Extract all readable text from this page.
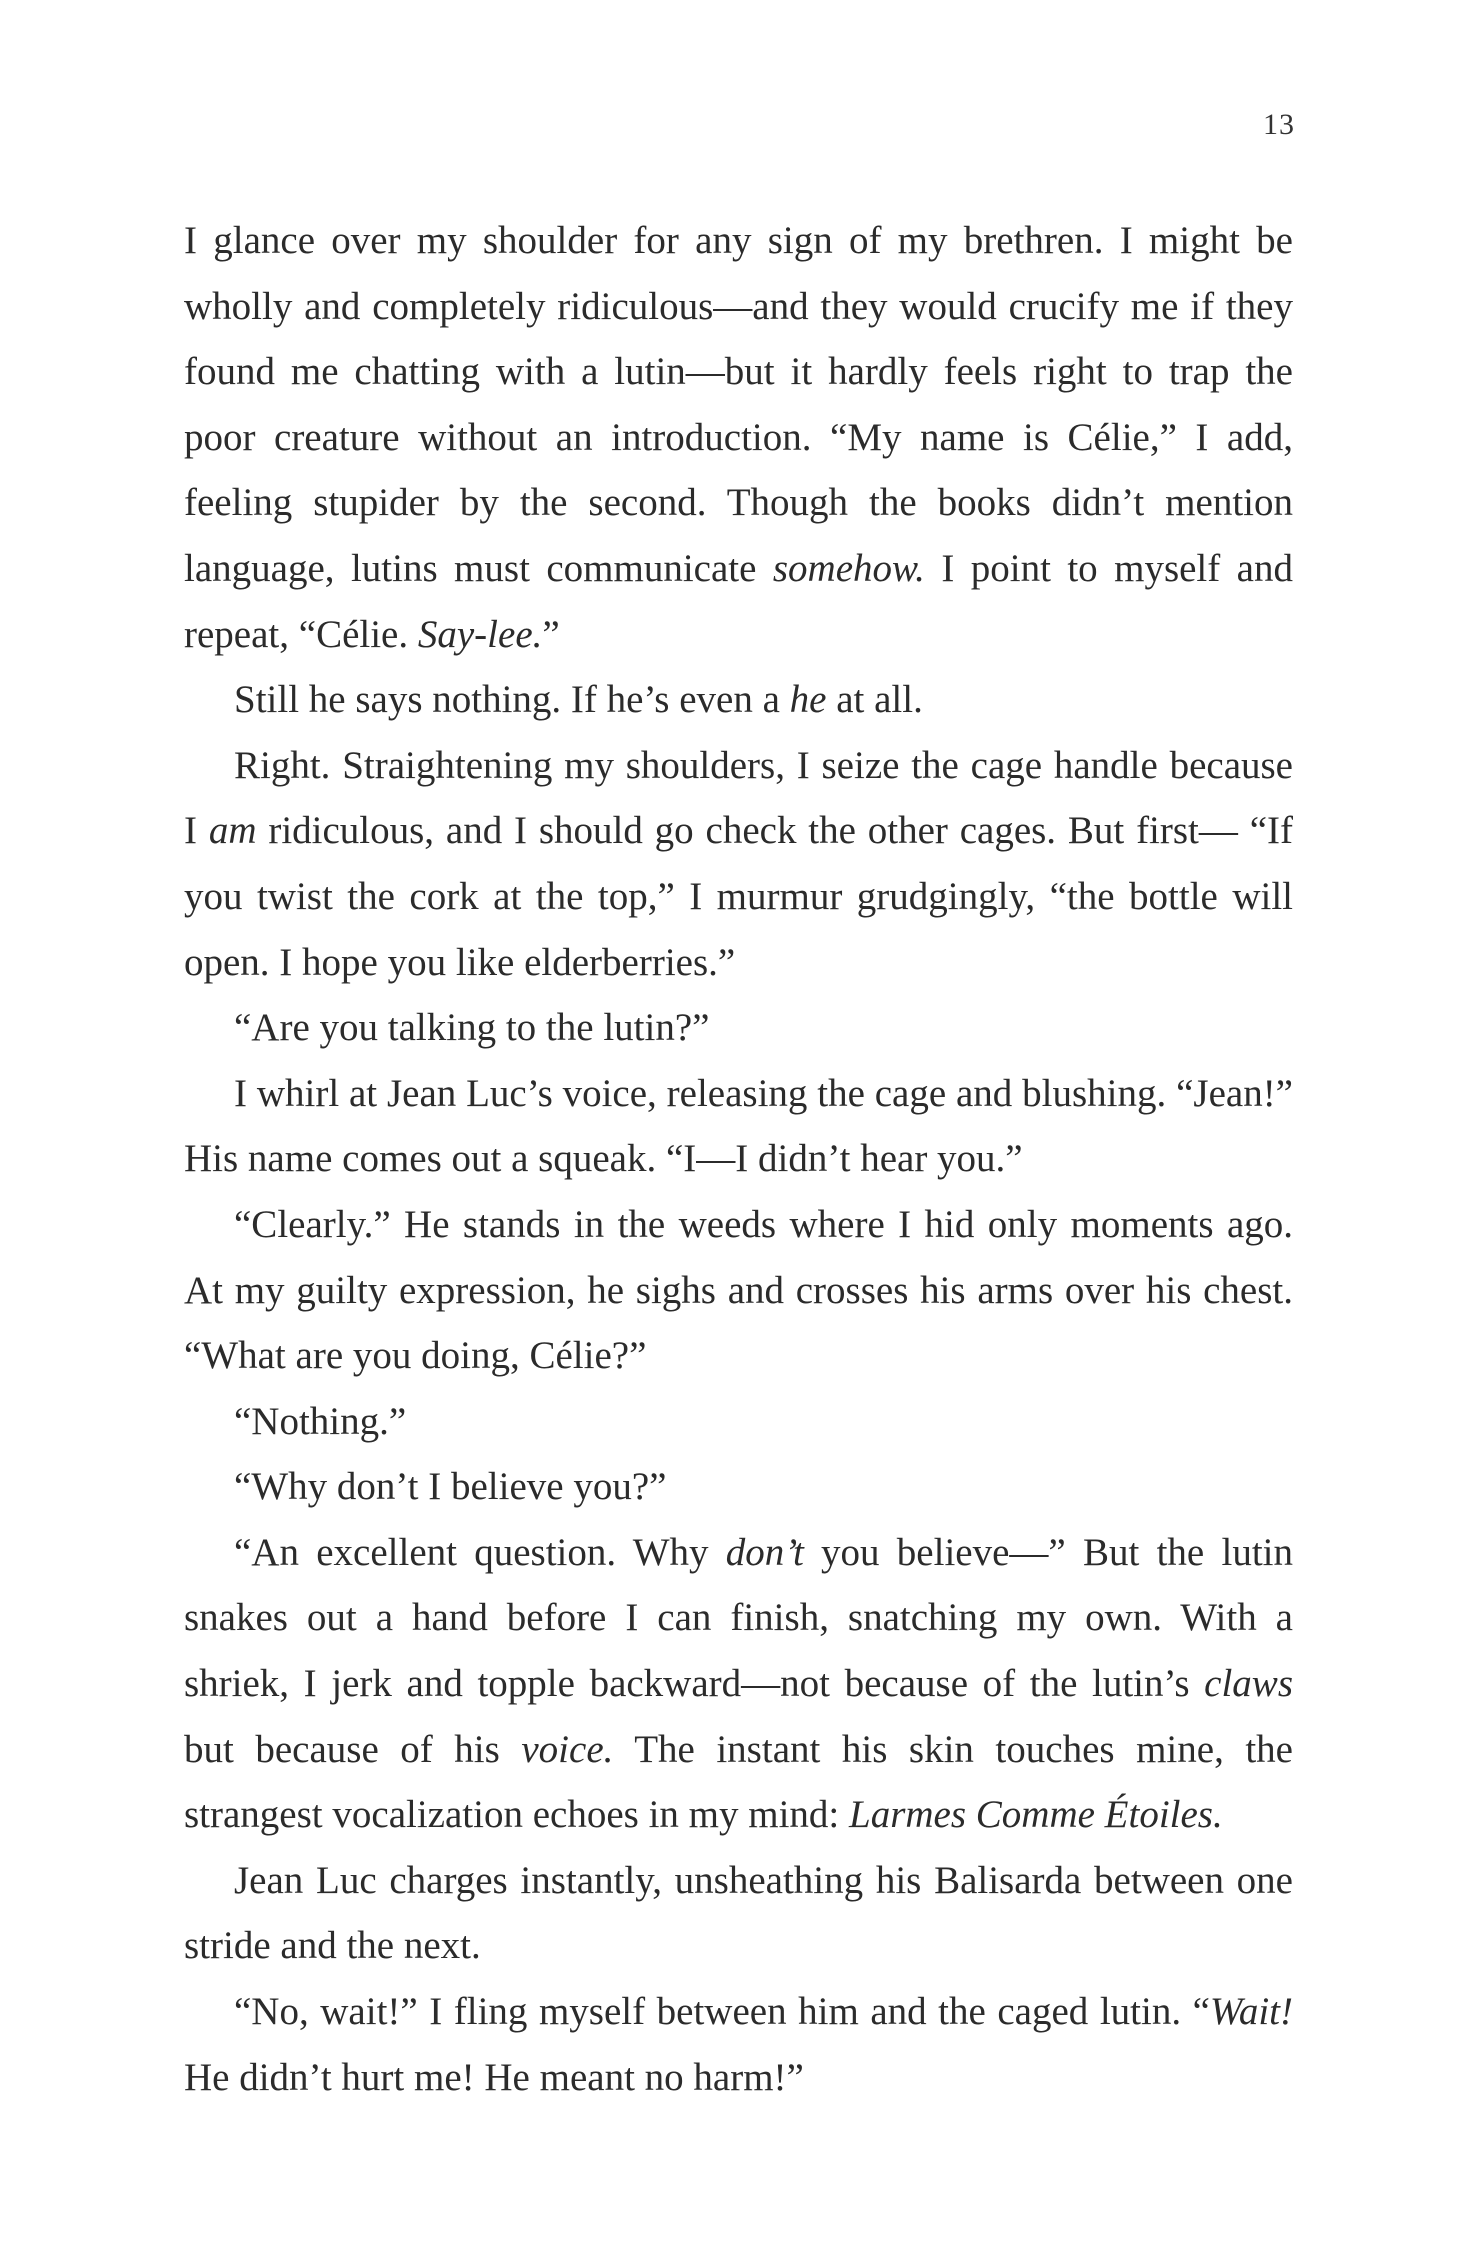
13

I glance over my shoulder for any sign of my brethren. I might be wholly and completely ridiculous—and they would crucify me if they found me chatting with a lutin—but it hardly feels right to trap the poor creature without an introduction. “My name is Célie,” I add, feeling stupider by the second. Though the books didn’t mention language, lutins must communicate somehow. I point to myself and repeat, “Célie. Say-lee.”

Still he says nothing. If he’s even a he at all.

Right. Straightening my shoulders, I seize the cage handle because I am ridiculous, and I should go check the other cages. But first— “If you twist the cork at the top,” I murmur grudgingly, “the bottle will open. I hope you like elderberries.”

“Are you talking to the lutin?”

I whirl at Jean Luc’s voice, releasing the cage and blushing. “Jean!” His name comes out a squeak. “I—I didn’t hear you.”

“Clearly.” He stands in the weeds where I hid only moments ago. At my guilty expression, he sighs and crosses his arms over his chest. “What are you doing, Célie?”

“Nothing.”

“Why don’t I believe you?”

“An excellent question. Why don’t you believe—” But the lutin snakes out a hand before I can finish, snatching my own. With a shriek, I jerk and topple backward—not because of the lutin’s claws but because of his voice. The instant his skin touches mine, the strangest vocalization echoes in my mind: Larmes Comme Étoiles.

Jean Luc charges instantly, unsheathing his Balisarda between one stride and the next.

“No, wait!” I fling myself between him and the caged lutin. “Wait! He didn’t hurt me! He meant no harm!”
